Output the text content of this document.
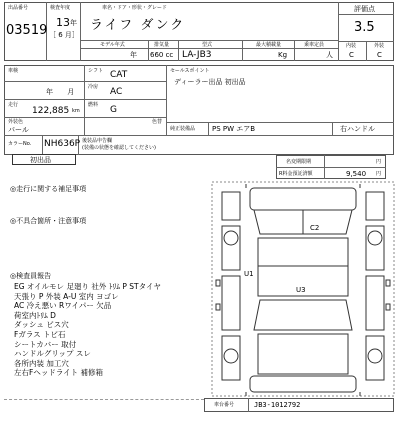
出品番号
03519
検査年度
13 年
［ 6 月］
車名・ドア・形状・グレード
ライフ ダンク
評価点
3.5
内装
C
外装
C
モデル年式
年
排気量
660 cc
型式
LA-JB3
最大積載量
Kg
乗車定員
人
車検
年 月
走行
122,885 km
外装色
パール
カラーNo. NH636P
シフト CAT
冷房 AC
燃料 G
色替
セールスポイント
ディーラー出品 初出品
純正装備品 PS PW エアB	右ハンドル
後装品申告欄
(装備の状態を確認してください)
初出品	名変期限期	円
R料金預託済額	9,540 円
◎走行に関する補足事項
◎不具合箇所・注意事項
◎検査員報告
EG オイルモレ 足廻り 社外 ﾄﾘﾑ P STタイヤ
天張り P 外装 A-U 室内 ヨゴレ
AC 冷え悪い Rワイパー 欠品
荷室内ﾄﾘﾑ D
ダッシュ ビス穴
Fガラス トビ石
シートカバー 取付
ハンドルグリップ スレ
各所内装 加工穴
左右Fヘッドライト 補修箱
C2
U1
U3
車台番号	JB3-1012792
